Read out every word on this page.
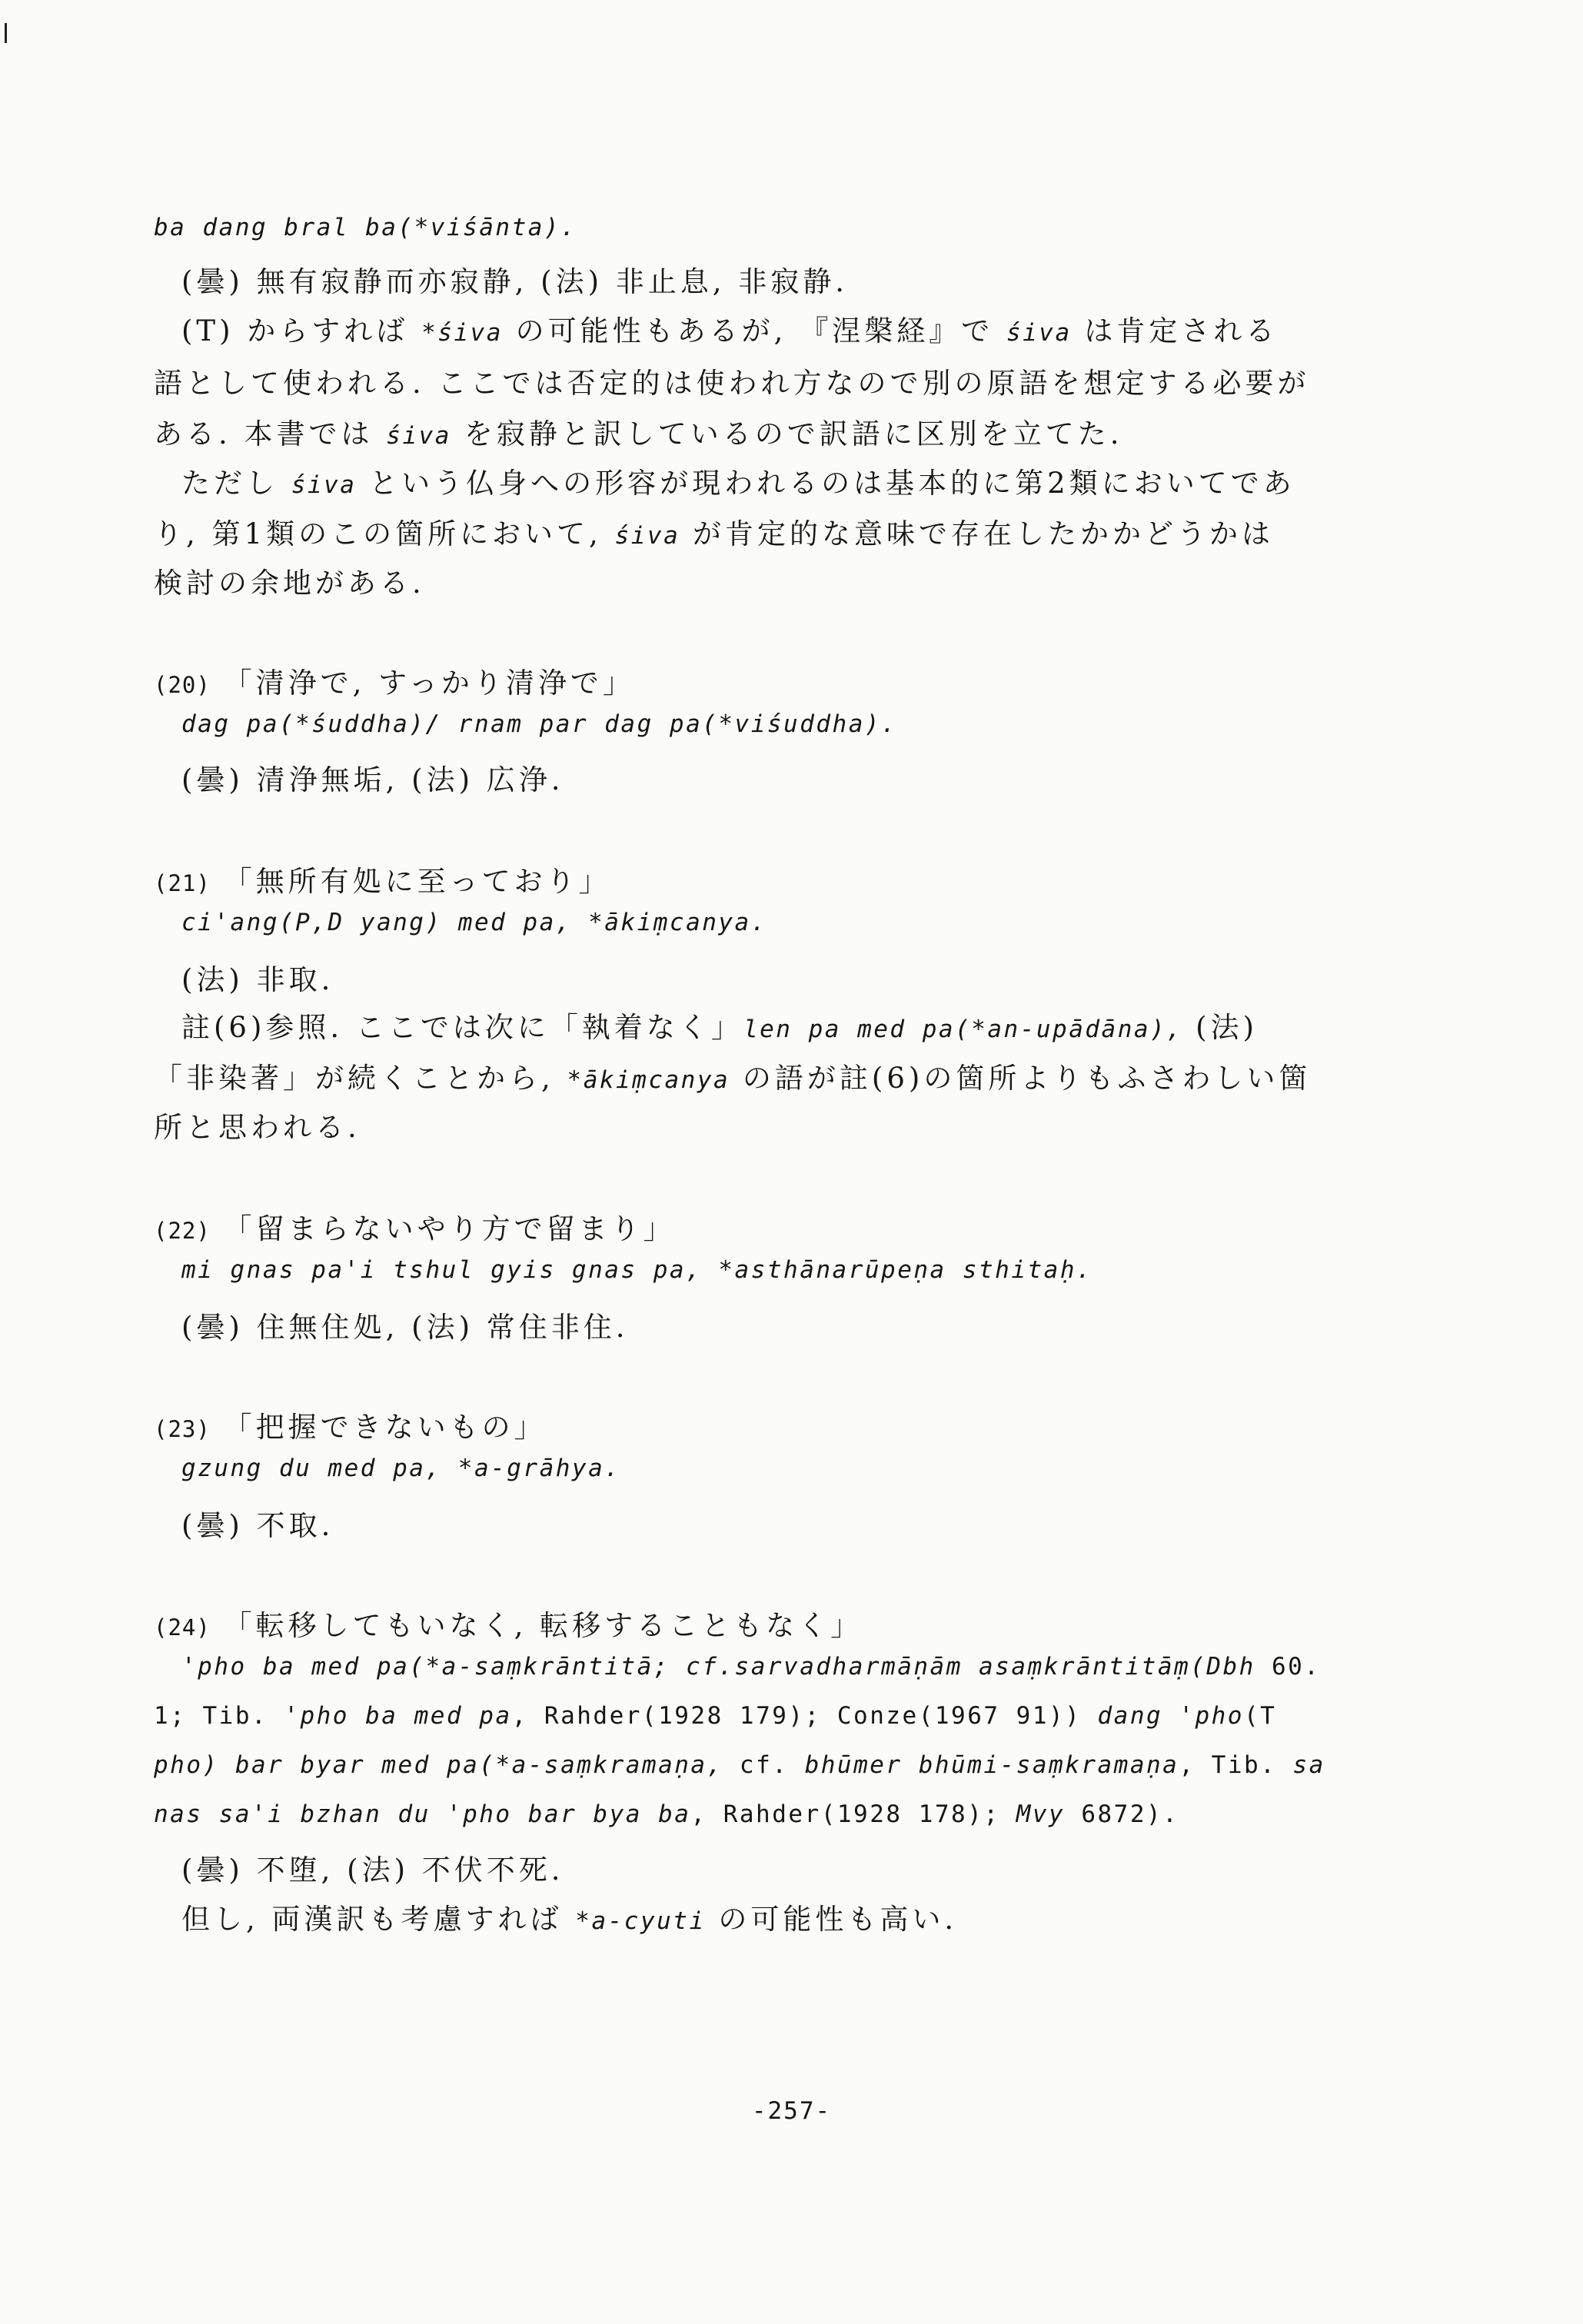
ba dang bral ba(*viśānta).
(曇) 無有寂静而亦寂静, (法) 非止息, 非寂静.
(T) からすれば *śiva の可能性もあるが, 『涅槃経』で śiva は肯定される
語として使われる. ここでは否定的は使われ方なので別の原語を想定する必要が
ある. 本書では śiva を寂静と訳しているので訳語に区別を立てた.
ただし śiva という仏身への形容が現われるのは基本的に第2類においてであ
り, 第1類のこの箇所において, śiva が肯定的な意味で存在したかかどうかは
検討の余地がある.
(20) 「清浄で, すっかり清浄で」
dag pa(*śuddha)/ rnam par dag pa(*viśuddha).
(曇) 清浄無垢, (法) 広浄.
(21) 「無所有処に至っており」
ci'ang(P,D yang) med pa, *ākiṃcanya.
(法) 非取.
註(6)参照. ここでは次に「執着なく」len pa med pa(*an-upādāna), (法)
「非染著」が続くことから, *ākiṃcanya の語が註(6)の箇所よりもふさわしい箇
所と思われる.
(22) 「留まらないやり方で留まり」
mi gnas pa'i tshul gyis gnas pa, *asthānarūpeṇa sthitaḥ.
(曇) 住無住処, (法) 常住非住.
(23) 「把握できないもの」
gzung du med pa, *a-grāhya.
(曇) 不取.
(24) 「転移してもいなく, 転移することもなく」
'pho ba med pa(*a-saṃkrāntitā; cf.sarvadharmāṇām asaṃkrāntitāṃ(Dbh 60.
1; Tib. 'pho ba med pa, Rahder(1928 179); Conze(1967 91)) dang 'pho(T
pho) bar byar med pa(*a-saṃkramaṇa, cf. bhūmer bhūmi-saṃkramaṇa, Tib. sa
nas sa'i bzhan du 'pho bar bya ba, Rahder(1928 178); Mvy 6872).
(曇) 不堕, (法) 不伏不死.
但し, 両漢訳も考慮すれば *a-cyuti の可能性も高い.
-257-
